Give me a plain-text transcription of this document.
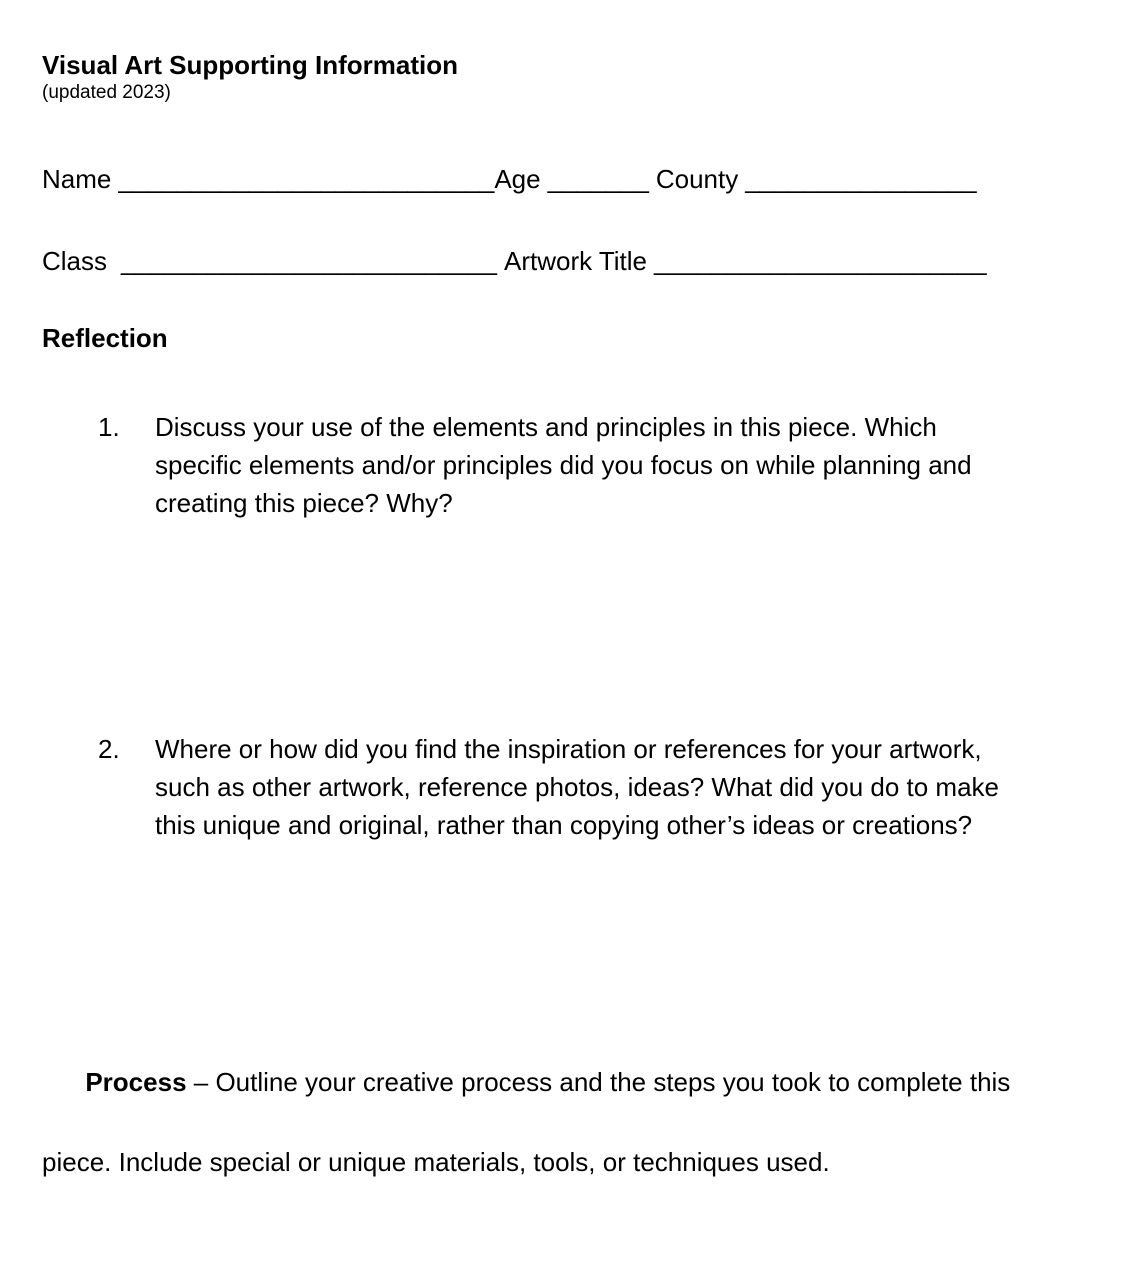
Visual Art Supporting Information
(updated 2023)
Name __________________________Age _______ County ________________
Class __________________________ Artwork Title _______________________
Reflection
1.	Discuss your use of the elements and principles in this piece. Which
specific elements and/or principles did you focus on while planning and
creating this piece? Why?
2.	Where or how did you find the inspiration or references for your artwork,
such as other artwork, reference photos, ideas? What did you do to make
this unique and original, rather than copying other’s ideas or creations?

Process – Outline your creative process and the steps you took to complete this

piece. Include special or unique materials, tools, or techniques used.
